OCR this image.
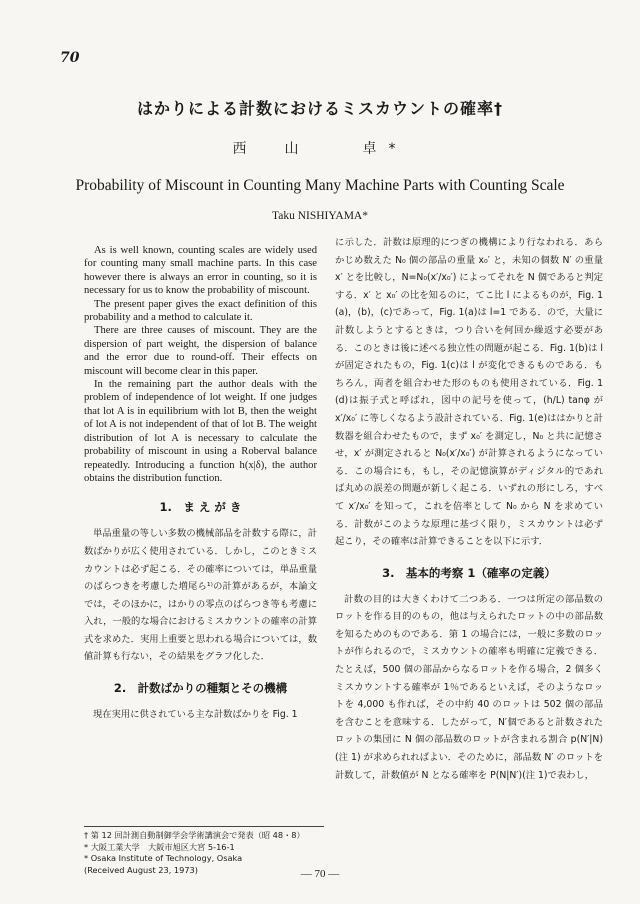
70
はかりによる計数におけるミスカウントの確率†
西　山　　卓*
Probability of Miscount in Counting Many Machine Parts with Counting Scale
Taku NISHIYAMA*

As is well known, counting scales are widely used for counting many small machine parts. In this case however there is always an error in counting, so it is necessary for us to know the probability of miscount.

The present paper gives the exact definition of this probability and a method to calculate it.

There are three causes of miscount. They are the dispersion of part weight, the dispersion of balance and the error due to round-off. Their effects on miscount will become clear in this paper.

In the remaining part the author deals with the problem of independence of lot weight. If one judges that lot A is in equilibrium with lot B, then the weight of lot A is not independent of that of lot B. The weight distribution of lot A is necessary to calculate the probability of miscount in using a Roberval balance repeatedly. Introducing a function h(x|δ), the author obtains the distribution function.

1.　ま え が き

単品重量の等しい多数の機械部品を計数する際に，計数ばかりが広く使用されている．しかし，このときミスカウントは必ず起こる．その確率については，単品重量のばらつきを考慮した増尾ら¹⁾の計算があるが，本論文では，そのほかに，はかりの零点のばらつき等も考慮に入れ，一般的な場合におけるミスカウントの確率の計算式を求めた．実用上重要と思われる場合については，数値計算も行ない，その結果をグラフ化した．

2.　計数ばかりの種類とその機構

現在実用に供されている主な計数ばかりを Fig. 1

に示した．計数は原理的につぎの機構により行なわれる．あらかじめ数えた N₀ 個の部品の重量 x₀′ と，未知の個数 N′ の重量 x′ とを比較し，N=N₀(x′/x₀′) によってそれを N 個であると判定する．x′ と x₀′ の比を知るのに，てこ比 l によるものが，Fig. 1 (a)，(b)，(c)であって，Fig. 1(a)は l=1 である．ので，大量に計数しようとするときは，つり合いを何回か繰返す必要がある．このときは後に述べる独立性の問題が起こる．Fig. 1(b)は l が固定されたもの，Fig. 1(c)は l が変化できるものである．もちろん，両者を組合わせた形のものも使用されている．Fig. 1 (d)は振子式と呼ばれ，図中の記号を使って，(h/L) tanφ が x′/x₀′ に等しくなるよう設計されている．Fig. 1(e)ははかりと計数器を組合わせたもので，まず x₀′ を測定し，N₀ と共に記憶させ，x′ が測定されると N₀(x′/x₀′) が計算されるようになっている．この場合にも，もし，その記憶演算がディジタル的であれば丸めの誤差の問題が新しく起こる．いずれの形にしろ，すべて x′/x₀′ を知って，これを倍率として N₀ から N を求めている．計数がこのような原理に基づく限り，ミスカウントは必ず起こり，その確率は計算できることを以下に示す．

3.　基本的考察 1（確率の定義）

計数の目的は大きくわけて二つある．一つは所定の部品数のロットを作る目的のもの，他は与えられたロットの中の部品数を知るためのものである．第 1 の場合には，一般に多数のロットが作られるので，ミスカウントの確率も明確に定義できる．たとえば，500 個の部品からなるロットを作る場合，2 個多くミスカウントする確率が 1％であるといえば，そのようなロットを 4,000 も作れば，その中約 40 のロットは 502 個の部品を含むことを意味する．したがって，N′個であると計数されたロットの集団に N 個の部品数のロットが含まれる割合 p(N′|N)(注 1) が求められればよい．そのために，部品数 N′ のロットを計数して，計数値が N となる確率を P(N|N′)(注 1)で表わし，

† 第 12 回計測自動制御学会学術講演会で発表（昭 48・8）
* 大阪工業大学　大阪市旭区大宮 5-16-1
* Osaka Institute of Technology, Osaka
(Received August 23, 1973)	— 70 —
